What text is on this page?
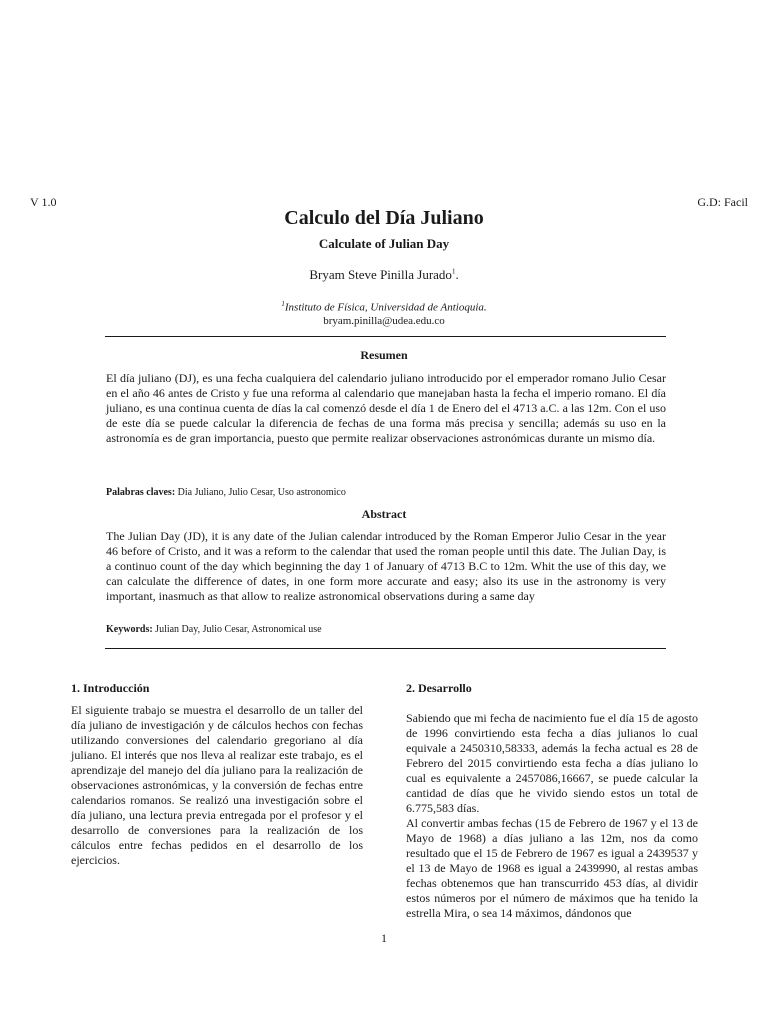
V 1.0	G.D: Facil
Calculo del Día Juliano
Calculate of Julian Day
Bryam Steve Pinilla Jurado$^1$.
$^1$Instituto de Física, Universidad de Antioquia.
bryam.pinilla@udea.edu.co
Resumen
El día juliano (DJ), es una fecha cualquiera del calendario juliano introducido por el emperador romano Julio Cesar en el año 46 antes de Cristo y fue una reforma al calendario que manejaban hasta la fecha el imperio romano. El día juliano, es una continua cuenta de días la cal comenzó desde el día 1 de Enero del el 4713 a.C. a las 12m. Con el uso de este día se puede calcular la diferencia de fechas de una forma más precisa y sencilla; además su uso en la astronomía es de gran importancia, puesto que permite realizar observaciones astronómicas durante un mismo día.
Palabras claves: Dia Juliano, Julio Cesar, Uso astronomico
Abstract
The Julian Day (JD), it is any date of the Julian calendar introduced by the Roman Emperor Julio Cesar in the year 46 before of Cristo, and it was a reform to the calendar that used the roman people until this date. The Julian Day, is a continuo count of the day which beginning the day 1 of January of 4713 B.C to 12m. Whit the use of this day, we can calculate the difference of dates, in one form more accurate and easy; also its use in the astronomy is very important, inasmuch as that allow to realize astronomical observations during a same day
Keywords: Julian Day, Julio Cesar, Astronomical use
1. Introducción
El siguiente trabajo se muestra el desarrollo de un taller del día juliano de investigación y de cálculos hechos con fechas utilizando conversiones del calendario gregoriano al día juliano. El interés que nos lleva al realizar este trabajo, es el aprendizaje del manejo del día juliano para la realización de observaciones astronómicas, y la conversión de fechas entre calendarios romanos. Se realizó una investigación sobre el día juliano, una lectura previa entregada por el profesor y el desarrollo de conversiones para la realización de los cálculos entre fechas pedidos en el desarrollo de los ejercicios.
2. Desarrollo
Sabiendo que mi fecha de nacimiento fue el día 15 de agosto de 1996 convirtiendo esta fecha a días julianos lo cual equivale a 2450310,58333, además la fecha actual es 28 de Febrero del 2015 convirtiendo esta fecha a días juliano lo cual es equivalente a 2457086,16667, se puede calcular la cantidad de días que he vivido siendo estos un total de 6.775,583 días.
Al convertir ambas fechas (15 de Febrero de 1967 y el 13 de Mayo de 1968) a días juliano a las 12m, nos da como resultado que el 15 de Febrero de 1967 es igual a 2439537 y el 13 de Mayo de 1968 es igual a 2439990, al restas ambas fechas obtenemos que han transcurrido 453 días, al dividir estos números por el número de máximos que ha tenido la estrella Mira, o sea 14 máximos, dándonos que
1
